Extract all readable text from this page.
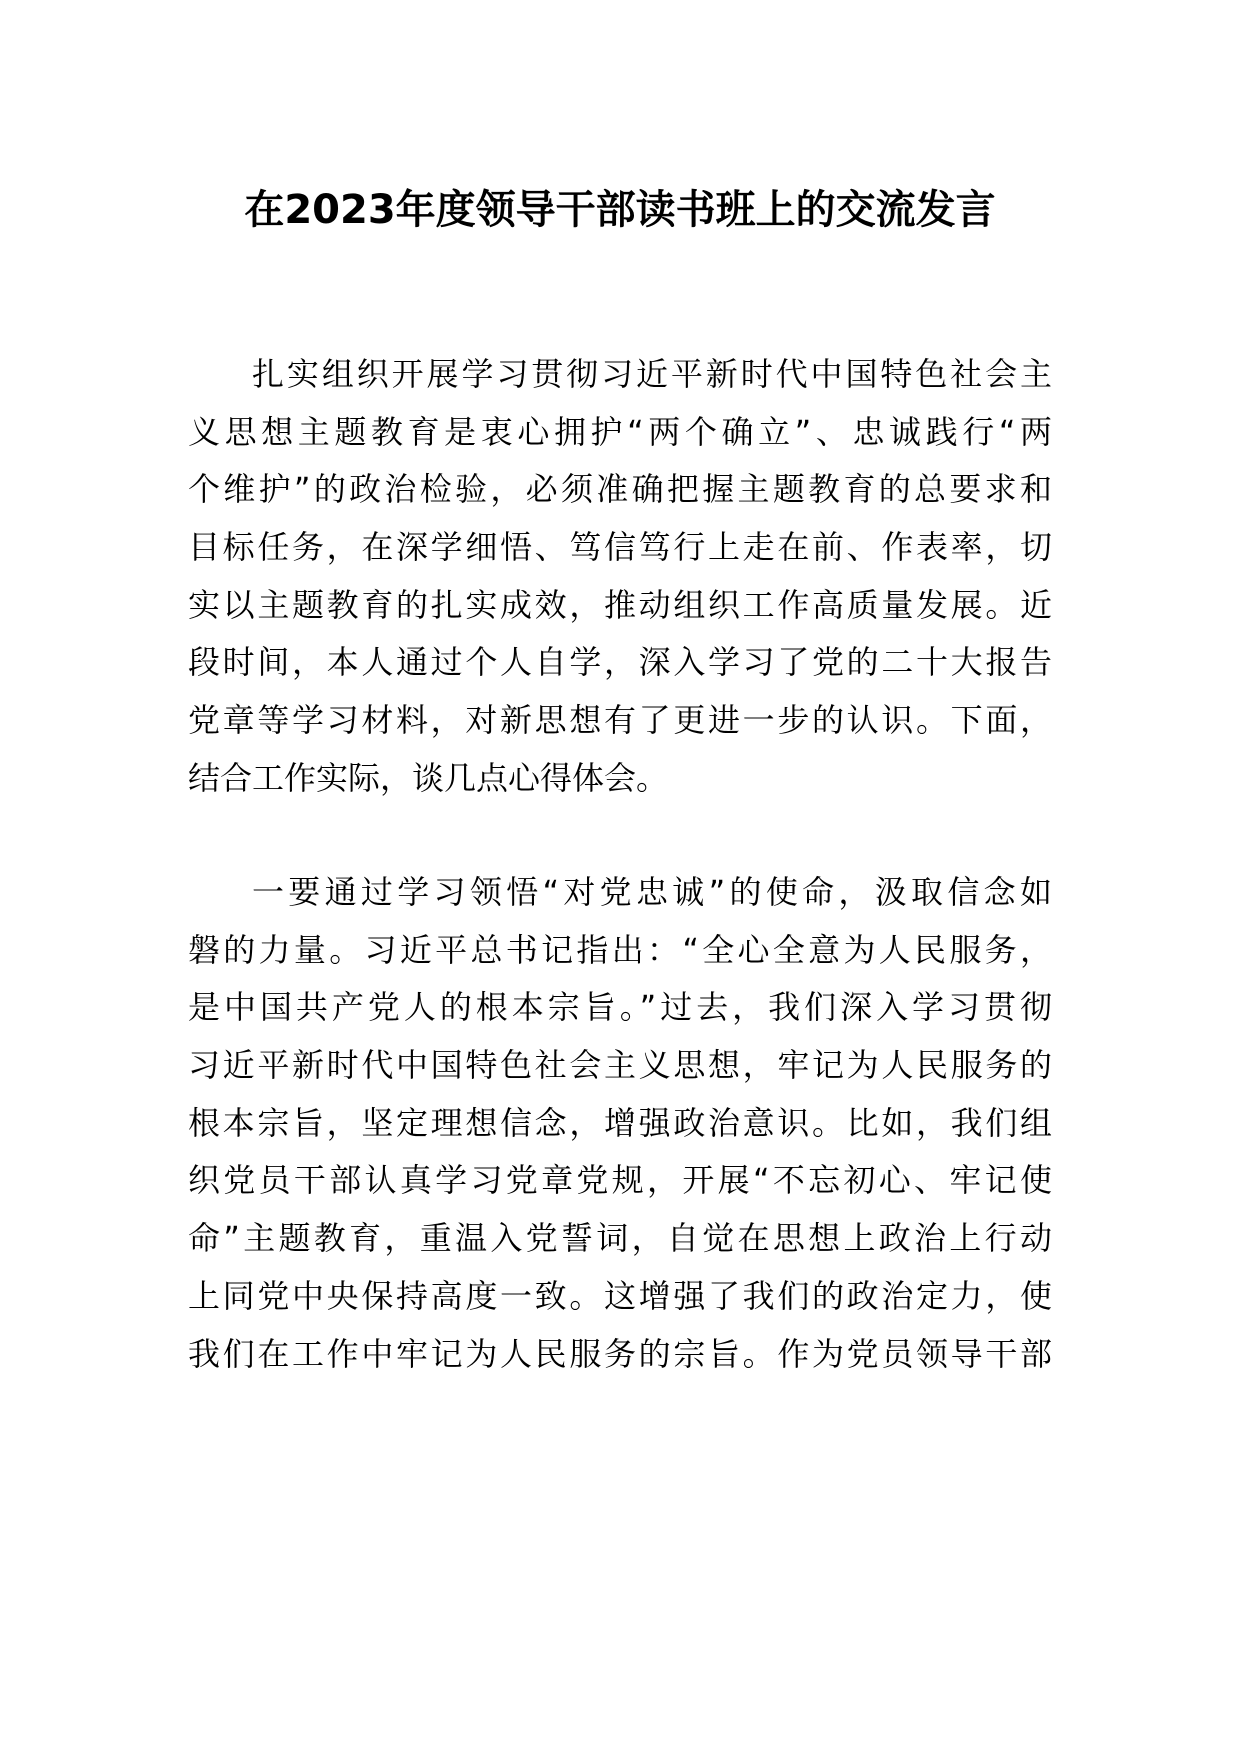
在2023年度领导干部读书班上的交流发言
扎实组织开展学习贯彻习近平新时代中国特色社会主
义思想主题教育是衷心拥护“两个确立”、忠诚践行“两
个维护”的政治检验，必须准确把握主题教育的总要求和
目标任务，在深学细悟、笃信笃行上走在前、作表率，切
实以主题教育的扎实成效，推动组织工作高质量发展。近
段时间，本人通过个人自学，深入学习了党的二十大报告
党章等学习材料，对新思想有了更进一步的认识。下面，
结合工作实际，谈几点心得体会。
一要通过学习领悟“对党忠诚”的使命，汲取信念如
磐的力量。习近平总书记指出：“全心全意为人民服务，
是中国共产党人的根本宗旨。”过去，我们深入学习贯彻
习近平新时代中国特色社会主义思想，牢记为人民服务的
根本宗旨，坚定理想信念，增强政治意识。比如，我们组
织党员干部认真学习党章党规，开展“不忘初心、牢记使
命”主题教育，重温入党誓词，自觉在思想上政治上行动
上同党中央保持高度一致。这增强了我们的政治定力，使
我们在工作中牢记为人民服务的宗旨。作为党员领导干部
